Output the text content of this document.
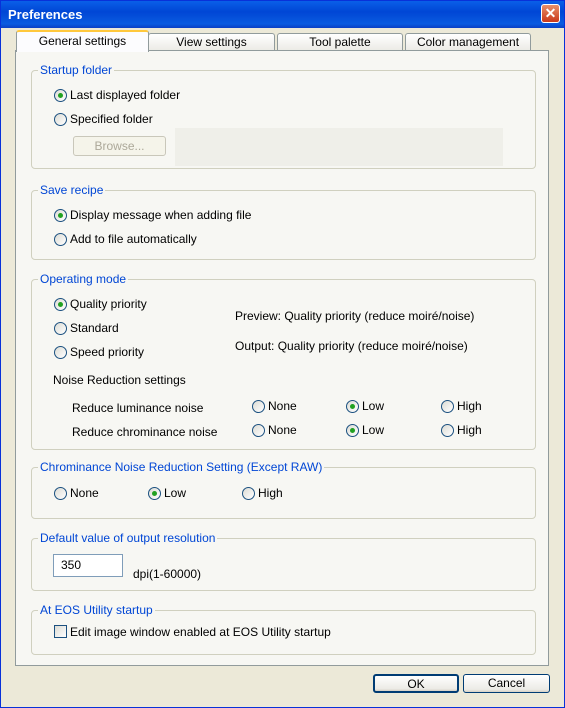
Preferences	✕
General settings	View settings	Tool palette	Color management
Startup folder
Last displayed folder
Specified folder
Browse...
Save recipe
Display message when adding file
Add to file automatically
Operating mode
Quality priority
Standard
Speed priority
Preview: Quality priority (reduce moiré/noise)
Output: Quality priority (reduce moiré/noise)
Noise Reduction settings
Reduce luminance noise	None	Low	High
Reduce chrominance noise	None	Low	High
Chrominance Noise Reduction Setting (Except RAW)
None	Low	High
Default value of output resolution
350
dpi(1-60000)
At EOS Utility startup
Edit image window enabled at EOS Utility startup
OK	Cancel
